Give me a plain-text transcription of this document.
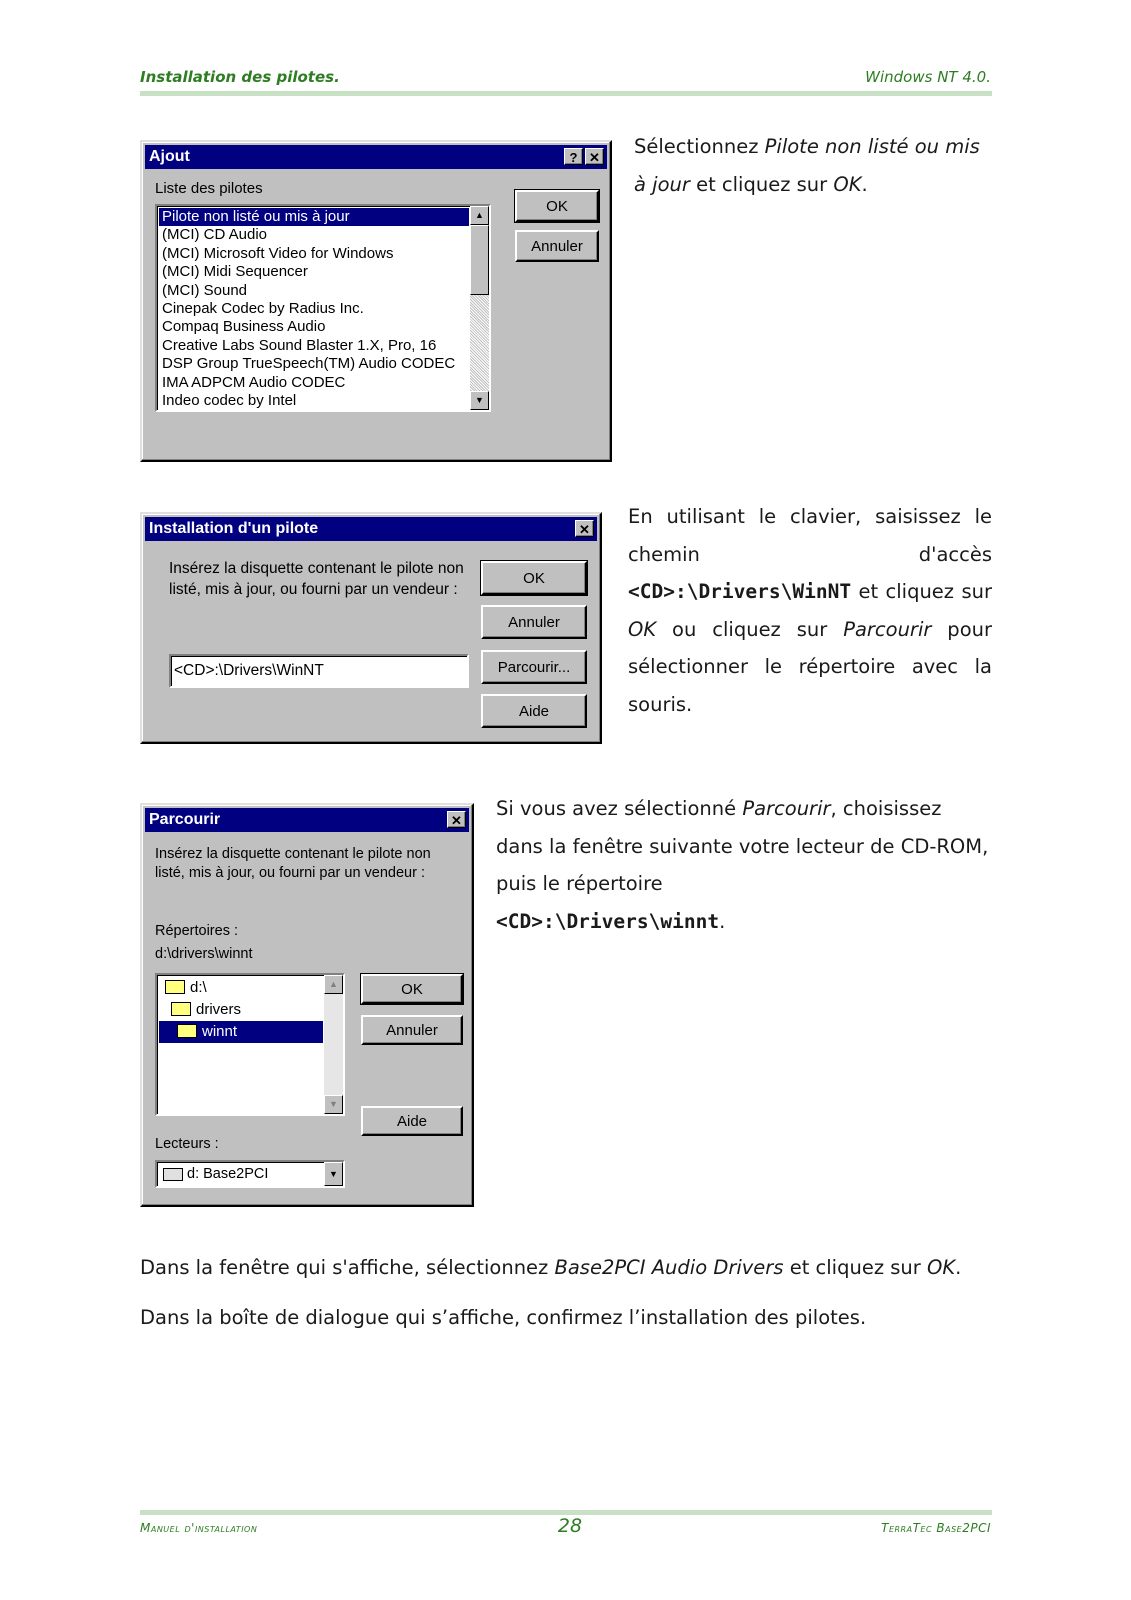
Installation des pilotes.	Windows NT 4.0.
Ajout	? ✕
Liste des pilotes
Pilote non listé ou mis à jour
(MCI) CD Audio
(MCI) Microsoft Video for Windows
(MCI) Midi Sequencer
(MCI) Sound
Cinepak Codec by Radius Inc.
Compaq Business Audio
Creative Labs Sound Blaster 1.X, Pro, 16
DSP Group TrueSpeech(TM) Audio CODEC
IMA ADPCM Audio CODEC
Indeo codec by Intel
▲
▼
OK
Annuler
Sélectionnez Pilote non listé ou mis à jour et cliquez sur OK.
Installation d'un pilote	✕
Insérez la disquette contenant le pilote non listé, mis à jour, ou fourni par un vendeur :
OK
Annuler
Parcourir...
Aide
<CD>:\Drivers\WinNT
En utilisant le clavier, saisissez le chemin d'accès <CD>:\Drivers\WinNT et cliquez sur OK ou cliquez sur Parcourir pour sélectionner le répertoire avec la souris.
Parcourir	✕
Insérez la disquette contenant le pilote non listé, mis à jour, ou fourni par un vendeur :
Répertoires :
d:\drivers\winnt
d:\
drivers
winnt
▲
▼
OK
Annuler
Aide
Lecteurs :
d: Base2PCI	▼
Si vous avez sélectionné Parcourir, choisissez dans la fenêtre suivante votre lecteur de CD-ROM, puis le répertoire
<CD>:\Drivers\winnt.
Dans la fenêtre qui s'affiche, sélectionnez Base2PCI Audio Drivers et cliquez sur OK.
Dans la boîte de dialogue qui s’affiche, confirmez l’installation des pilotes.
Manuel d'installation	28	TerraTec Base2PCI
